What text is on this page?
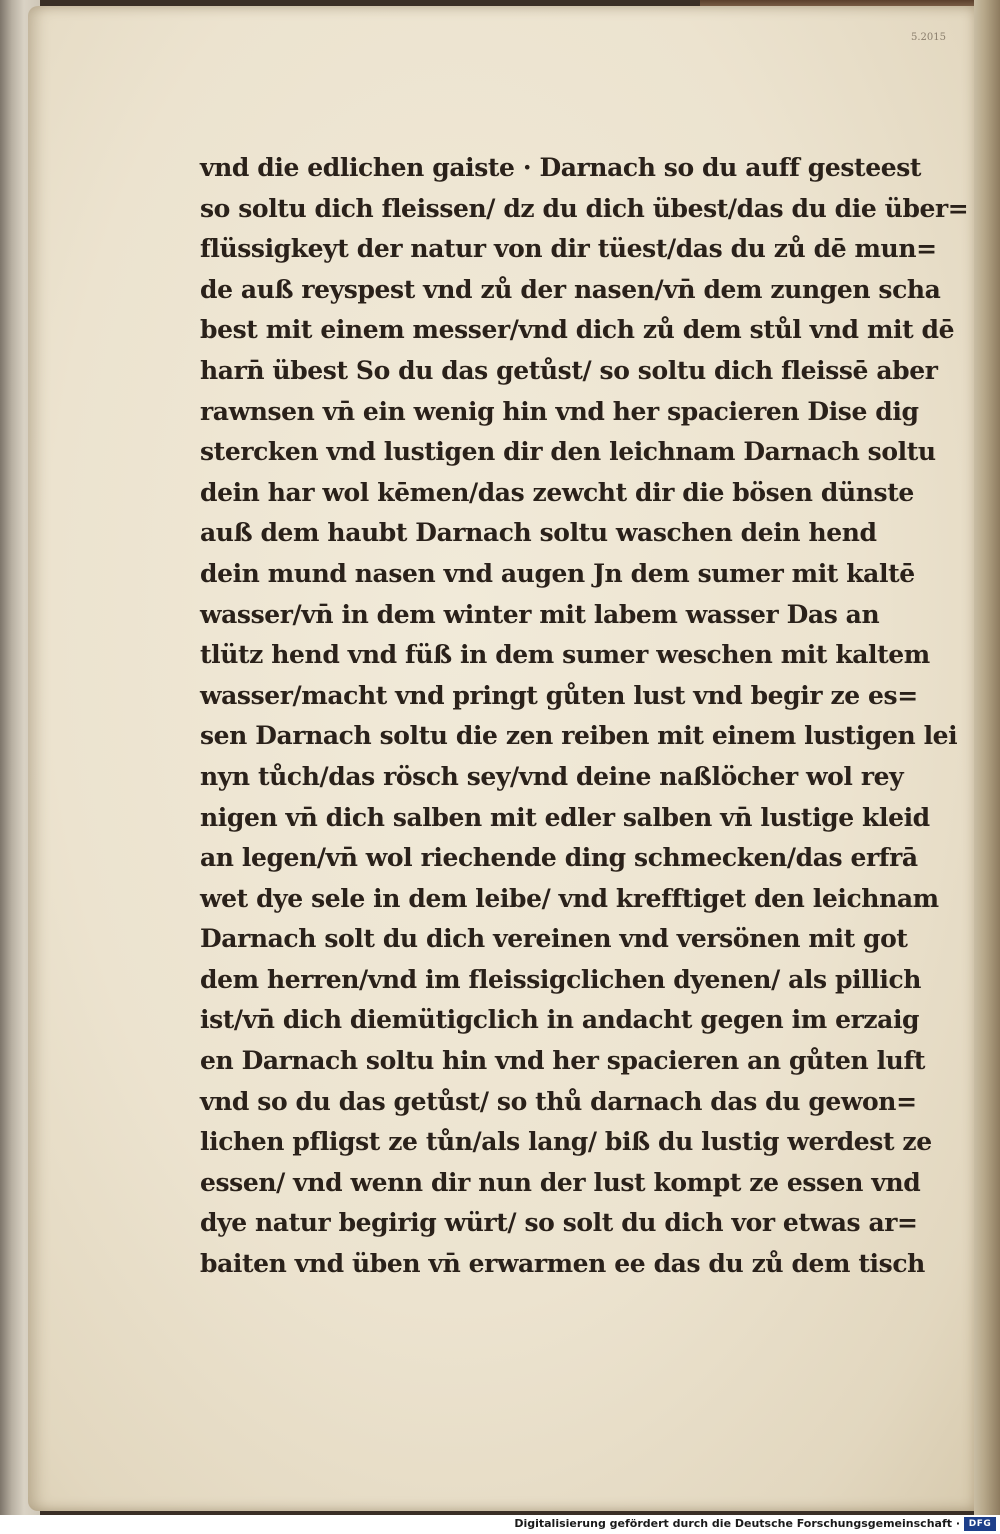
5.2015
vnd die edlichen gaiste · Darnach so du auff gesteest
so soltu dich fleissen/ dz du dich übest/das du die über=
flüssigkeyt der natur von dir tüest/das du zů dē mun=
de auß reyspest vnd zů der nasen/vn̄ dem zungen scha
best mit einem messer/vnd dich zů dem stůl vnd mit dē
harn̄ übest So du das getůst/ so soltu dich fleissē aber
rawnsen vn̄ ein wenig hin vnd her spacieren Dise dig
stercken vnd lustigen dir den leichnam Darnach soltu
dein har wol kēmen/das zewcht dir die bösen dünste
auß dem haubt Darnach soltu waschen dein hend
dein mund nasen vnd augen Jn dem sumer mit kaltē
wasser/vn̄ in dem winter mit labem wasser Das an
tlütz hend vnd füß in dem sumer weschen mit kaltem
wasser/macht vnd pringt gůten lust vnd begir ze es=
sen Darnach soltu die zen reiben mit einem lustigen lei
nyn tůch/das rösch sey/vnd deine naßlöcher wol rey
nigen vn̄ dich salben mit edler salben vn̄ lustige kleid
an legen/vn̄ wol riechende ding schmecken/das erfrā
wet dye sele in dem leibe/ vnd krefftiget den leichnam
Darnach solt du dich vereinen vnd versönen mit got
dem herren/vnd im fleissigclichen dyenen/ als pillich
ist/vn̄ dich diemütigclich in andacht gegen im erzaig
en Darnach soltu hin vnd her spacieren an gůten luft
vnd so du das getůst/ so thů darnach das du gewon=
lichen pfligst ze tůn/als lang/ biß du lustig werdest ze
essen/ vnd wenn dir nun der lust kompt ze essen vnd
dye natur begirig würt/ so solt du dich vor etwas ar=
baiten vnd üben vn̄ erwarmen ee das du zů dem tisch
Digitalisierung gefördert durch die Deutsche Forschungsgemeinschaft · DFG
